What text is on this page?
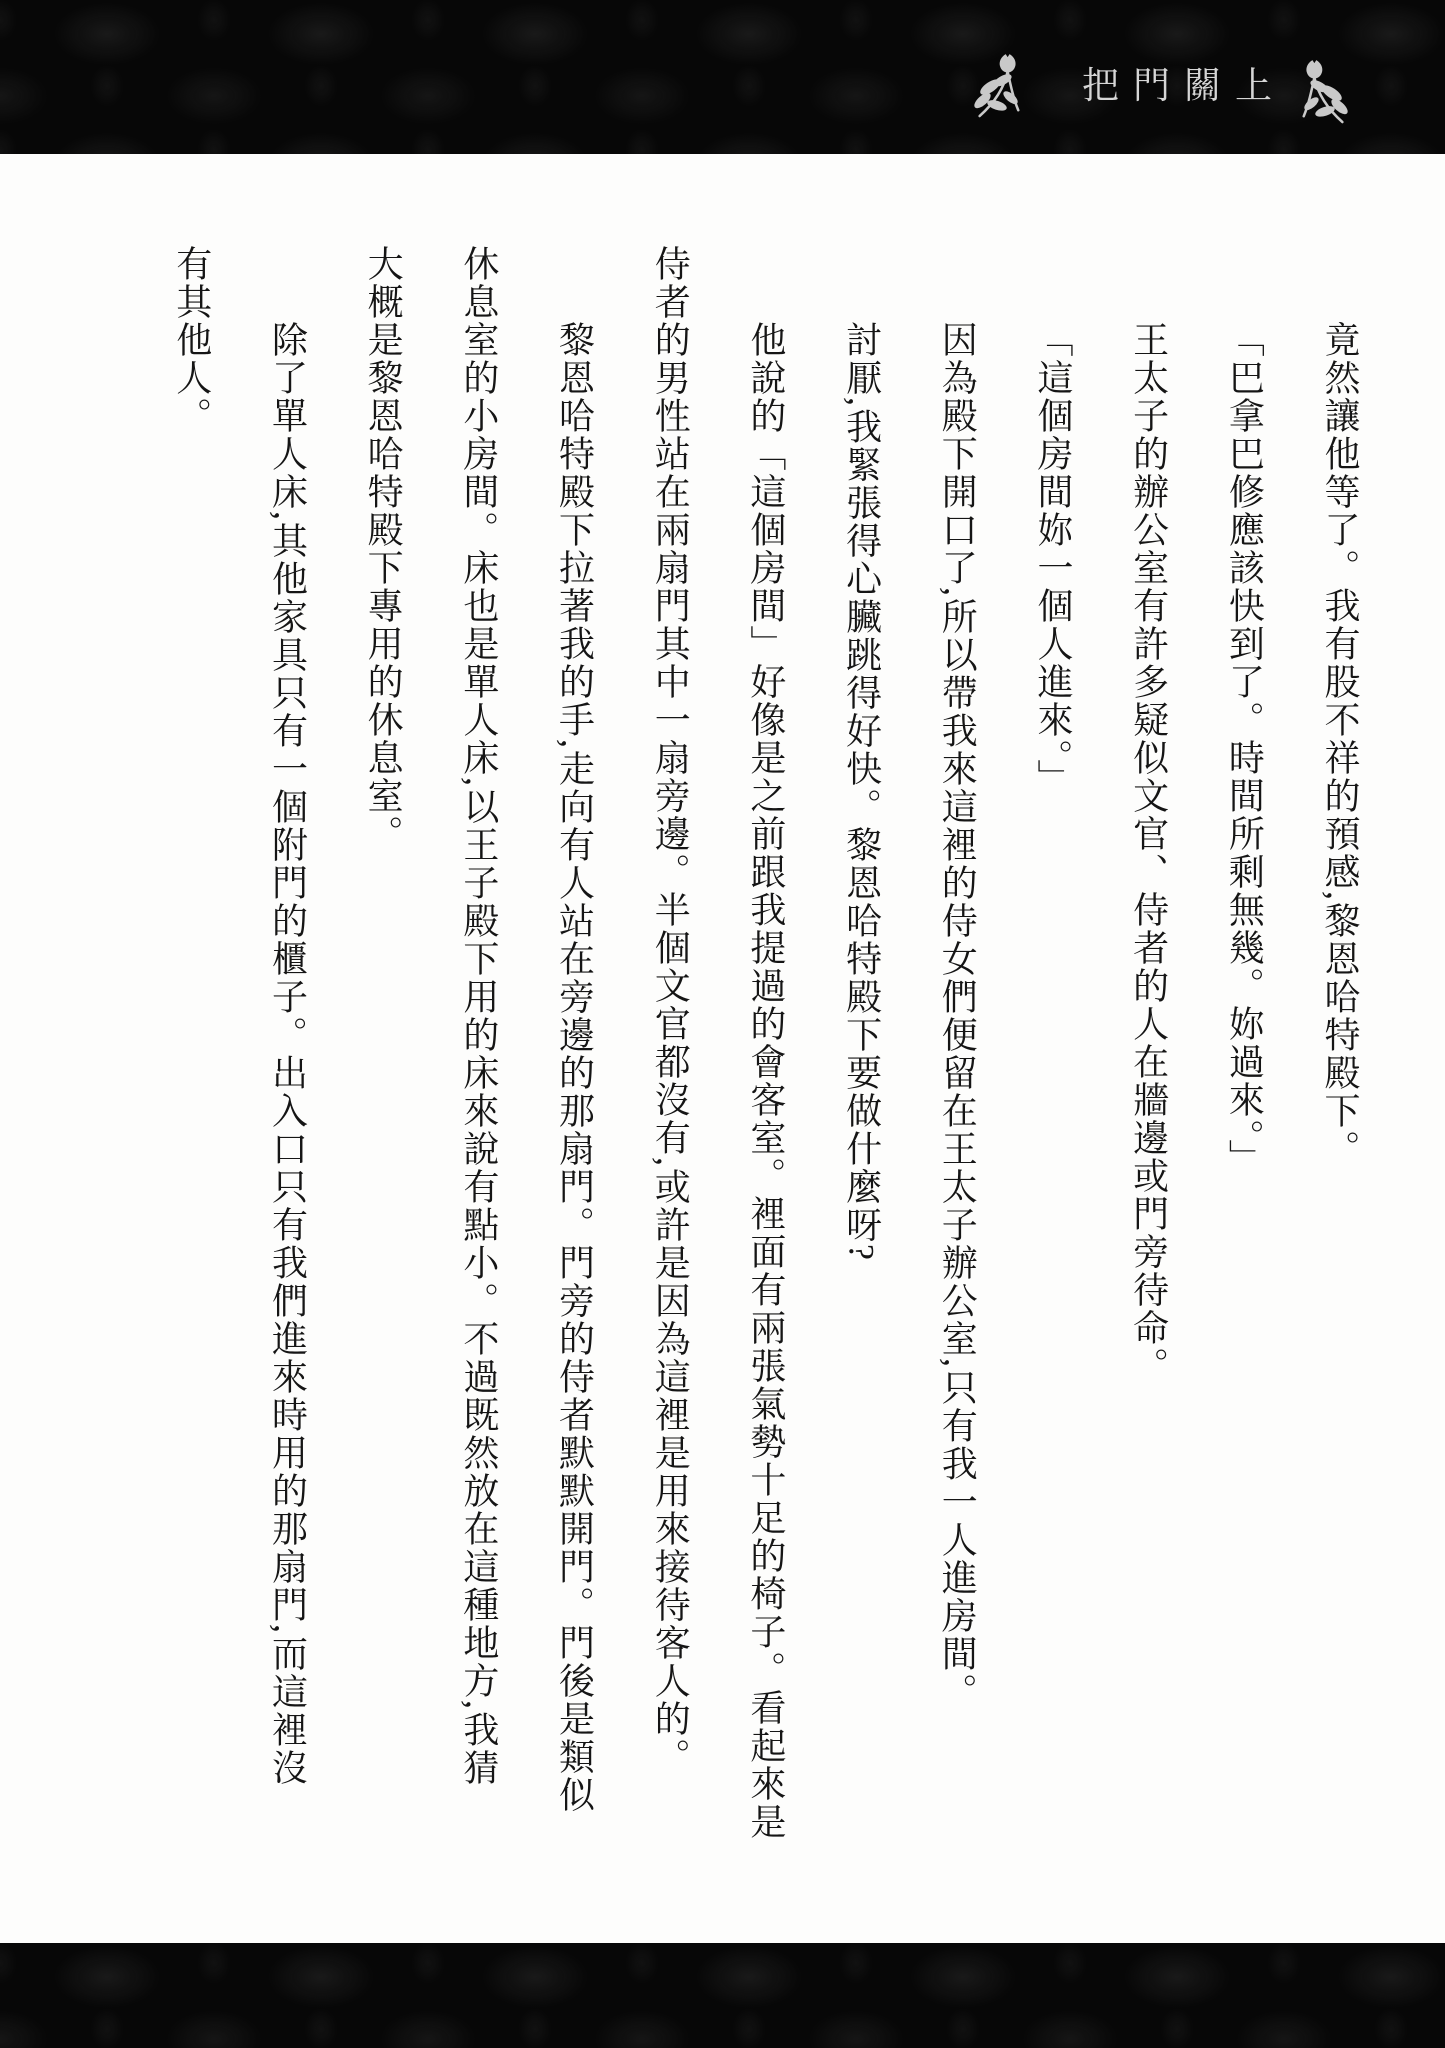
把門關上
竟然讓他等了。我有股不祥的預感,黎恩哈特殿下。
「巴拿巴修應該快到了。時間所剩無幾。妳過來。」
王太子的辦公室有許多疑似文官、侍者的人在牆邊或門旁待命。
「這個房間妳一個人進來。」
因為殿下開口了,所以帶我來這裡的侍女們便留在王太子辦公室,只有我一人進房間。
討厭,我緊張得心臟跳得好快。黎恩哈特殿下要做什麼呀?
他說的「這個房間」好像是之前跟我提過的會客室。裡面有兩張氣勢十足的椅子。看起來是
侍者的男性站在兩扇門其中一扇旁邊。半個文官都沒有,或許是因為這裡是用來接待客人的。
黎恩哈特殿下拉著我的手,走向有人站在旁邊的那扇門。門旁的侍者默默開門。門後是類似
休息室的小房間。床也是單人床,以王子殿下用的床來說有點小。不過既然放在這種地方,我猜
大概是黎恩哈特殿下專用的休息室。
除了單人床,其他家具只有一個附門的櫃子。出入口只有我們進來時用的那扇門,而這裡沒
有其他人。
